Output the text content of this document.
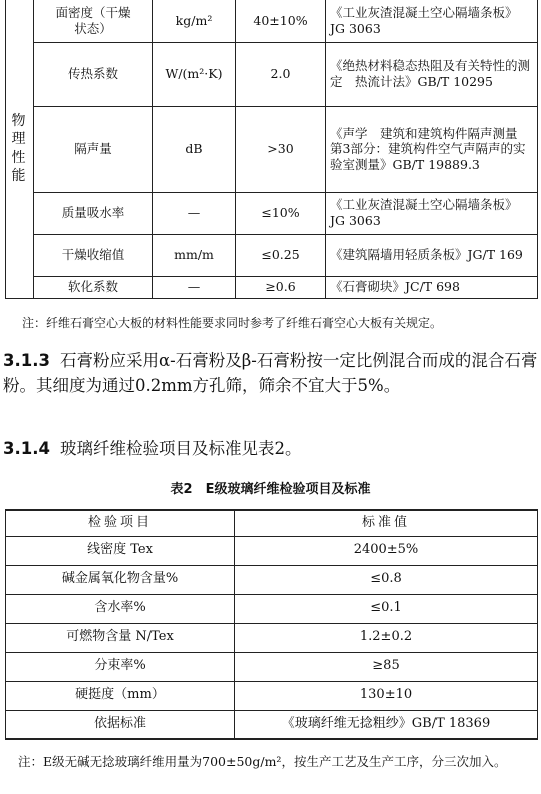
物理性能	面密度（干燥状态）	kg/m²	40±10%	《工业灰渣混凝土空心隔墙条板》JG 3063
	传热系数	W/(m²·K)	2.0	《绝热材料稳态热阻及有关特性的测定　热流计法》GB/T 10295
	隔声量	dB	>30	《声学　建筑和建筑构件隔声测量　第3部分：建筑构件空气声隔声的实验室测量》GB/T 19889.3
	质量吸水率	—	≤10%	《工业灰渣混凝土空心隔墙条板》JG 3063
	干燥收缩值	mm/m	≤0.25	《建筑隔墙用轻质条板》JG/T 169
	软化系数	—	≥0.6	《石膏砌块》JC/T 698
注：纤维石膏空心大板的材料性能要求同时参考了纤维石膏空心大板有关规定。
3.1.3 石膏粉应采用α-石膏粉及β-石膏粉按一定比例混合而成的混合石膏粉。其细度为通过0.2mm方孔筛，筛余不宜大于5%。
3.1.4 玻璃纤维检验项目及标准见表2。
表2　E级玻璃纤维检验项目及标准
检验项目	标准值
线密度 Tex	2400±5%
碱金属氧化物含量%	≤0.8
含水率%	≤0.1
可燃物含量 N/Tex	1.2±0.2
分束率%	≥85
硬挺度（mm）	130±10
依据标准	《玻璃纤维无捻粗纱》GB/T 18369
注：E级无碱无捻玻璃纤维用量为700±50g/m²，按生产工艺及生产工序，分三次加入。
